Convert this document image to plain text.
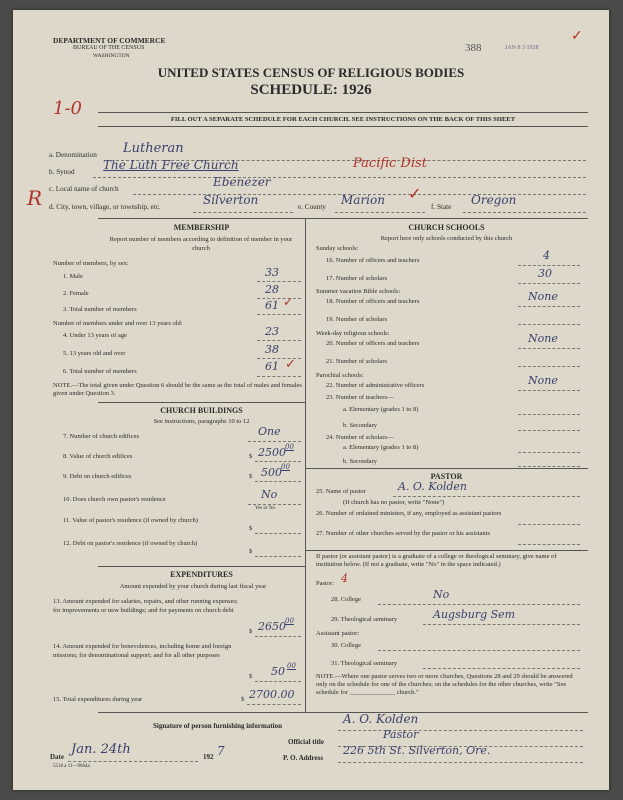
DEPARTMENT OF COMMERCE
BUREAU OF THE CENSUS
WASHINGTON
388	JAN 8 3 1928
✓
UNITED STATES CENSUS OF RELIGIOUS BODIES
SCHEDULE: 1926
1-0
FILL OUT A SEPARATE SCHEDULE FOR EACH CHURCH. SEE INSTRUCTIONS ON THE BACK OF THIS SHEET
R
a. Denomination Lutheran
b. Synod The Luth Free Church	Pacific Dist
c. Local name of church	Ebenezer
d. City, town, village, or township, etc.	Silverton	e. County Marion ✓
f. State Oregon
MEMBERSHIP
Report number of members according to definition of member in your church
Number of members, by sex:
1. Male	33
2. Female	28
3. Total number of members	61 ✓
Number of members under and over 13 years old:
4. Under 13 years of age	23
5. 13 years old and over	38
6. Total number of members	61 ✓
NOTE.—The total given under Question 6 should be the same as the total of males and females given under Question 3.
CHURCH BUILDINGS
See instructions, paragraphs 10 to 12
7. Number of church edifices	One
8. Value of church edifices	$ 2500 00
9. Debt on church edifices	$ 500 00
10. Does church own pastor's residence	No
Yes or No
11. Value of pastor's residence (if owned by church)
$
12. Debt on pastor's residence (if owned by church)
$
EXPENDITURES
Amount expended by your church during last fiscal year
13. Amount expended for salaries, repairs, and other running expenses; for improvements or new buildings; and for payments on church debt
$ 2650 00
14. Amount expended for benevolences, including home and foreign missions; for denominational support; and for all other purposes
$ 50 00
15. Total expenditures during year	$ 2700.00
CHURCH SCHOOLS
Report here only schools conducted by this church
Sunday schools:
16. Number of officers and teachers	4
17. Number of scholars	30
Summer vacation Bible schools:
18. Number of officers and teachers	None
19. Number of scholars
Week-day religious schools:
20. Number of officers and teachers	None
21. Number of scholars
Parochial schools:
22. Number of administrative officers	None
23. Number of teachers—
a. Elementary (grades 1 to 8)
b. Secondary
24. Number of scholars—
a. Elementary (grades 1 to 8)
b. Secondary
PASTOR
25. Name of pastor	A. O. Kolden
(If church has no pastor, write "None")
26. Number of ordained ministers, if any, employed as assistant pastors
27. Number of other churches served by the pastor or his assistants
If pastor (or assistant pastor) is a graduate of a college or theological seminary, give name of institution below. (If not a graduate, write "No" in the space indicated.)
Pastor: 4
28. College	No
29. Theological seminary	Augsburg Sem
Assistant pastor:
30. College
31. Theological seminary
NOTE.—Where one pastor serves two or more churches, Questions 28 and 29 should be answered only on the schedule for one of the churches; on the schedules for the other churches, write "See schedule for ______________ church."
Signature of person furnishing information	A. O. Kolden
Official title
Pastor
Date Jan. 24th	192 7	P. O. Address
226 5th St. Silverton, Ore.
5518 a 11—9664a
